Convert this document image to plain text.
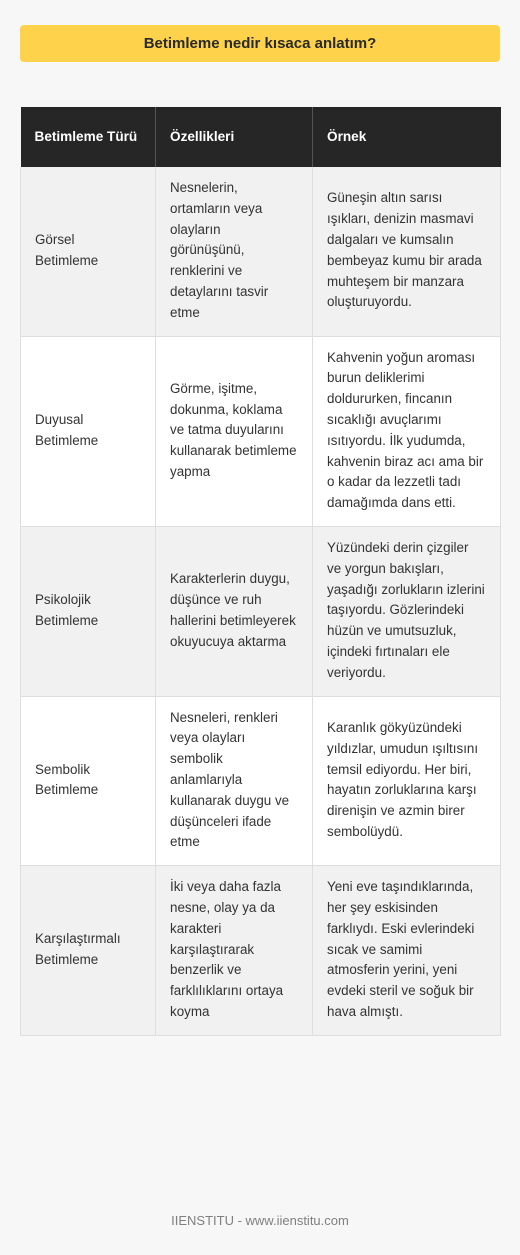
Betimleme nedir kısaca anlatım?
Betimleme Türü	Özellikleri	Örnek
Görsel Betimleme	Nesnelerin, ortamların veya olayların görünüşünü, renklerini ve detaylarını tasvir etme	Güneşin altın sarısı ışıkları, denizin masmavi dalgaları ve kumsalın bembeyaz kumu bir arada muhteşem bir manzara oluşturuyordu.
Duyusal Betimleme	Görme, işitme, dokunma, koklama ve tatma duyularını kullanarak betimleme yapma	Kahvenin yoğun aroması burun deliklerimi doldururken, fincanın sıcaklığı avuçlarımı ısıtıyordu. İlk yudumda, kahvenin biraz acı ama bir o kadar da lezzetli tadı damağımda dans etti.
Psikolojik Betimleme	Karakterlerin duygu, düşünce ve ruh hallerini betimleyerek okuyucuya aktarma	Yüzündeki derin çizgiler ve yorgun bakışları, yaşadığı zorlukların izlerini taşıyordu. Gözlerindeki hüzün ve umutsuzluk, içindeki fırtınaları ele veriyordu.
Sembolik Betimleme	Nesneleri, renkleri veya olayları sembolik anlamlarıyla kullanarak duygu ve düşünceleri ifade etme	Karanlık gökyüzündeki yıldızlar, umudun ışıltısını temsil ediyordu. Her biri, hayatın zorluklarına karşı direnişin ve azmin birer sembolüydü.
Karşılaştırmalı Betimleme	İki veya daha fazla nesne, olay ya da karakteri karşılaştırarak benzerlik ve farklılıklarını ortaya koyma	Yeni eve taşındıklarında, her şey eskisinden farklıydı. Eski evlerindeki sıcak ve samimi atmosferin yerini, yeni evdeki steril ve soğuk bir hava almıştı.
IIENSTITU - www.iienstitu.com
